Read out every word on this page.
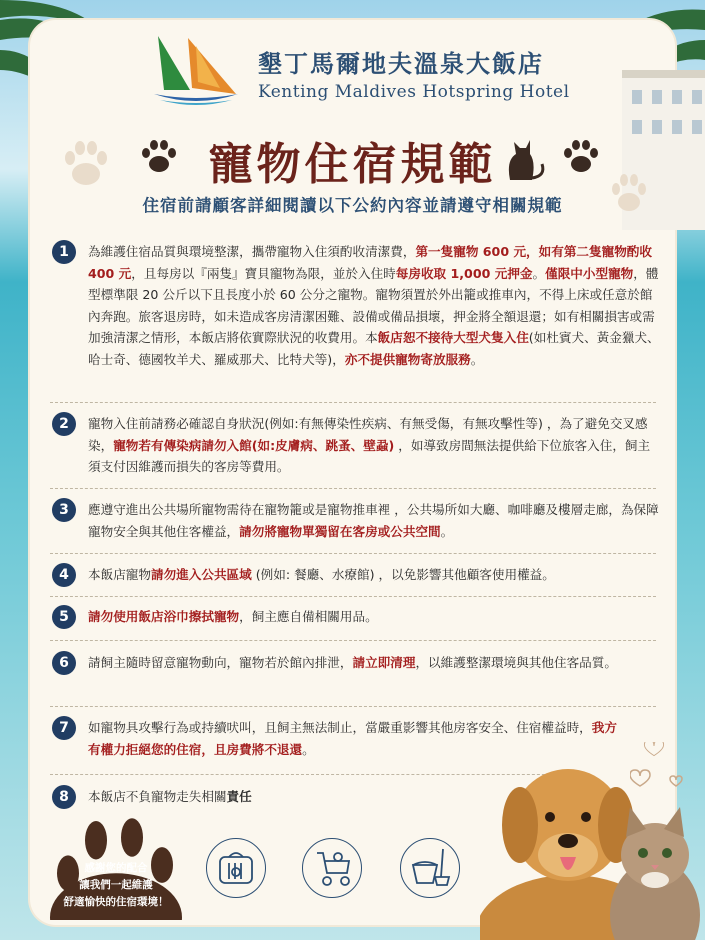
墾丁馬爾地夫溫泉大飯店
Kenting Maldives Hotspring Hotel
寵物住宿規範
住宿前請顧客詳細閱讀以下公約內容並請遵守相關規範
1	為維護住宿品質與環境整潔，攜帶寵物入住須酌收清潔費，第一隻寵物 600 元，如有第二隻寵物酌收 400 元，且每房以『兩隻』寶貝寵物為限，並於入住時每房收取 1,000 元押金。僅限中小型寵物，體型標準限 20 公斤以下且長度小於 60 公分之寵物。寵物須置於外出籠或推車內，不得上床或任意於館內奔跑。旅客退房時，如未造成客房清潔困難、設備或備品損壞，押金將全額退還；如有相關損害或需加強清潔之情形，本飯店將依實際狀況的收費用。本飯店恕不接待大型犬隻入住(如杜賓犬、黃金獵犬、哈士奇、德國牧羊犬、羅威那犬、比特犬等)，亦不提供寵物寄放服務。
2	寵物入住前請務必確認自身狀況(例如:有無傳染性疾病、有無受傷，有無攻擊性等) ，為了避免交叉感染，寵物若有傳染病請勿入館(如:皮膚病、跳蚤、壁蝨) ，如導致房間無法提供給下位旅客入住，飼主須支付因維護而損失的客房等費用。
3	應遵守進出公共場所寵物需待在寵物籠或是寵物推車裡 ，公共場所如大廳、咖啡廳及樓層走廊，為保障寵物安全與其他住客權益，請勿將寵物單獨留在客房或公共空間。
4	本飯店寵物請勿進入公共區域 (例如: 餐廳、水療館) ，以免影響其他顧客使用權益。
5	請勿使用飯店浴巾擦拭寵物，飼主應自備相關用品。
6	請飼主隨時留意寵物動向，寵物若於館內排泄，請立即清理，以維護整潔環境與其他住客品質。
7	如寵物具攻擊行為或持續吠叫，且飼主無法制止，當嚴重影響其他房客安全、住宿權益時，我方有權力拒絕您的住宿，且房費將不退還。
8	本飯店不負寵物走失相關責任
感謝您的配合
讓我們一起維護
舒適愉快的住宿環境！
